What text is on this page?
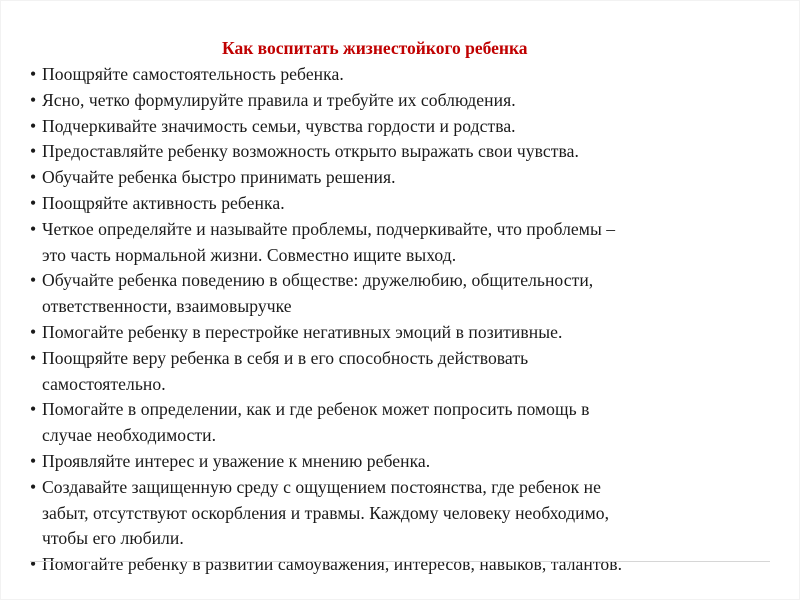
Как воспитать жизнестойкого ребенка
• Поощряйте самостоятельность ребенка.
• Ясно, четко формулируйте правила и требуйте их соблюдения.
• Подчеркивайте значимость семьи, чувства гордости и родства.
• Предоставляйте ребенку возможность открыто выражать свои чувства.
• Обучайте ребенка быстро принимать решения.
• Поощряйте активность ребенка.
• Четкое определяйте и называйте проблемы, подчеркивайте, что проблемы –
это часть нормальной жизни. Совместно ищите выход.
• Обучайте ребенка поведению в обществе: дружелюбию, общительности,
ответственности, взаимовыручке
• Помогайте ребенку в перестройке негативных эмоций в позитивные.
• Поощряйте веру ребенка в себя и в его способность действовать
самостоятельно.
• Помогайте в определении, как и где ребенок может попросить помощь в
случае необходимости.
• Проявляйте интерес и уважение к мнению ребенка.
• Создавайте защищенную среду с ощущением постоянства, где ребенок не
забыт, отсутствуют оскорбления и травмы. Каждому человеку необходимо,
чтобы его любили.
• Помогайте ребенку в развитии самоуважения, интересов, навыков, талантов.
